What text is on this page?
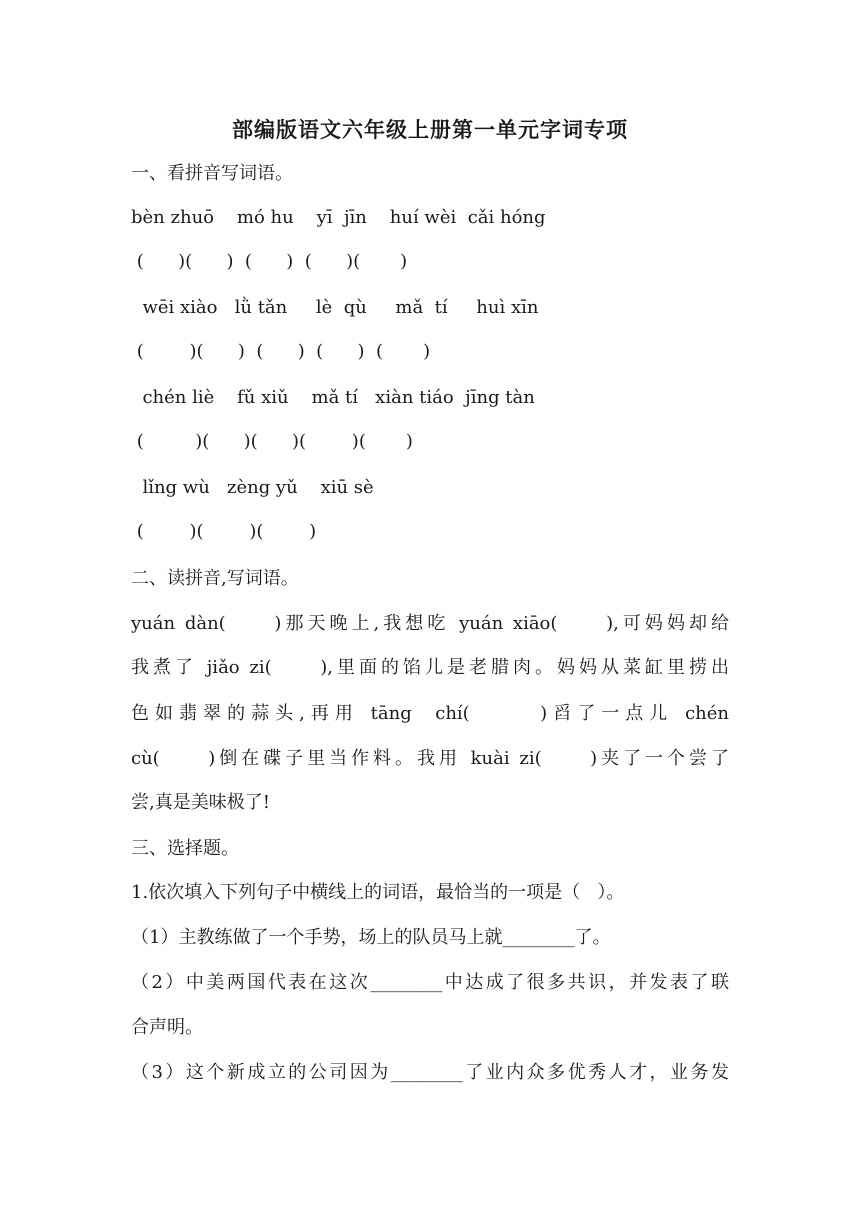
部编版语文六年级上册第一单元字词专项
一、看拼音写词语。
bèn zhuō    mó hu    yī  jīn    huí wèi  cǎi hóng
(      )(      )  (      )  (      )(       )
wēi xiào   lǜ tǎn     lè  qù     mǎ  tí     huì xīn
(        )(      )  (      )  (      )  (       )
chén liè    fǔ xiǔ    mǎ tí   xiàn tiáo  jīng tàn
(         )(      )(      )(        )(       )
lǐng wù   zèng yǔ    xiū sè
(        )(        )(        )
二、读拼音,写词语。
yuán dàn(     )那天晚上,我想吃 yuán xiāo(     ),可妈妈却给
我煮了 jiǎo zi(     ),里面的馅儿是老腊肉。妈妈从菜缸里捞出
色如翡翠的蒜头,再用 tāng  chí(      )舀了一点儿 chén
cù(     )倒在碟子里当作料。我用 kuài zi(     )夹了一个尝了
尝,真是美味极了!
三、选择题。
1.依次填入下列句子中横线上的词语，最恰当的一项是（   ）。
（1）主教练做了一个手势，场上的队员马上就________了。
（2）中美两国代表在这次________中达成了很多共识，并发表了联
合声明。
（3）这个新成立的公司因为________了业内众多优秀人才，业务发
